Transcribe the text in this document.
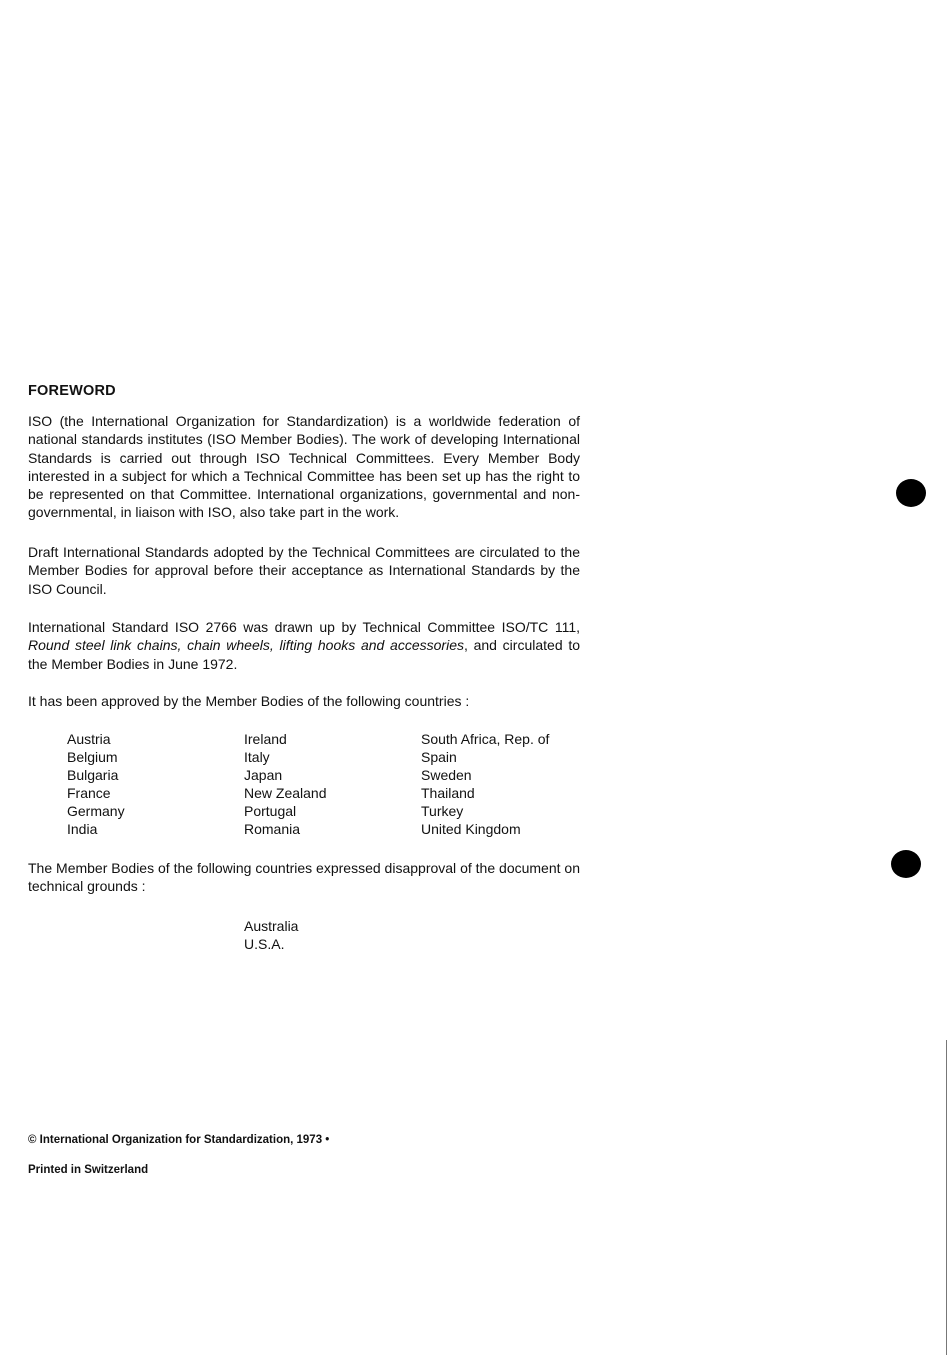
FOREWORD

ISO (the International Organization for Standardization) is a worldwide federation of national standards institutes (ISO Member Bodies). The work of developing International Standards is carried out through ISO Technical Committees. Every Member Body interested in a subject for which a Technical Committee has been set up has the right to be represented on that Committee. International organizations, governmental and non-governmental, in liaison with ISO, also take part in the work.

Draft International Standards adopted by the Technical Committees are circulated to the Member Bodies for approval before their acceptance as International Standards by the ISO Council.

International Standard ISO 2766 was drawn up by Technical Committee ISO/TC 111, Round steel link chains, chain wheels, lifting hooks and accessories, and circulated to the Member Bodies in June 1972.

It has been approved by the Member Bodies of the following countries :

Austria
Belgium
Bulgaria
France
Germany
India
Ireland
Italy
Japan
New Zealand
Portugal
Romania
South Africa, Rep. of
Spain
Sweden
Thailand
Turkey
United Kingdom

The Member Bodies of the following countries expressed disapproval of the document on technical grounds :

Australia
U.S.A.
© International Organization for Standardization, 1973 •
Printed in Switzerland
